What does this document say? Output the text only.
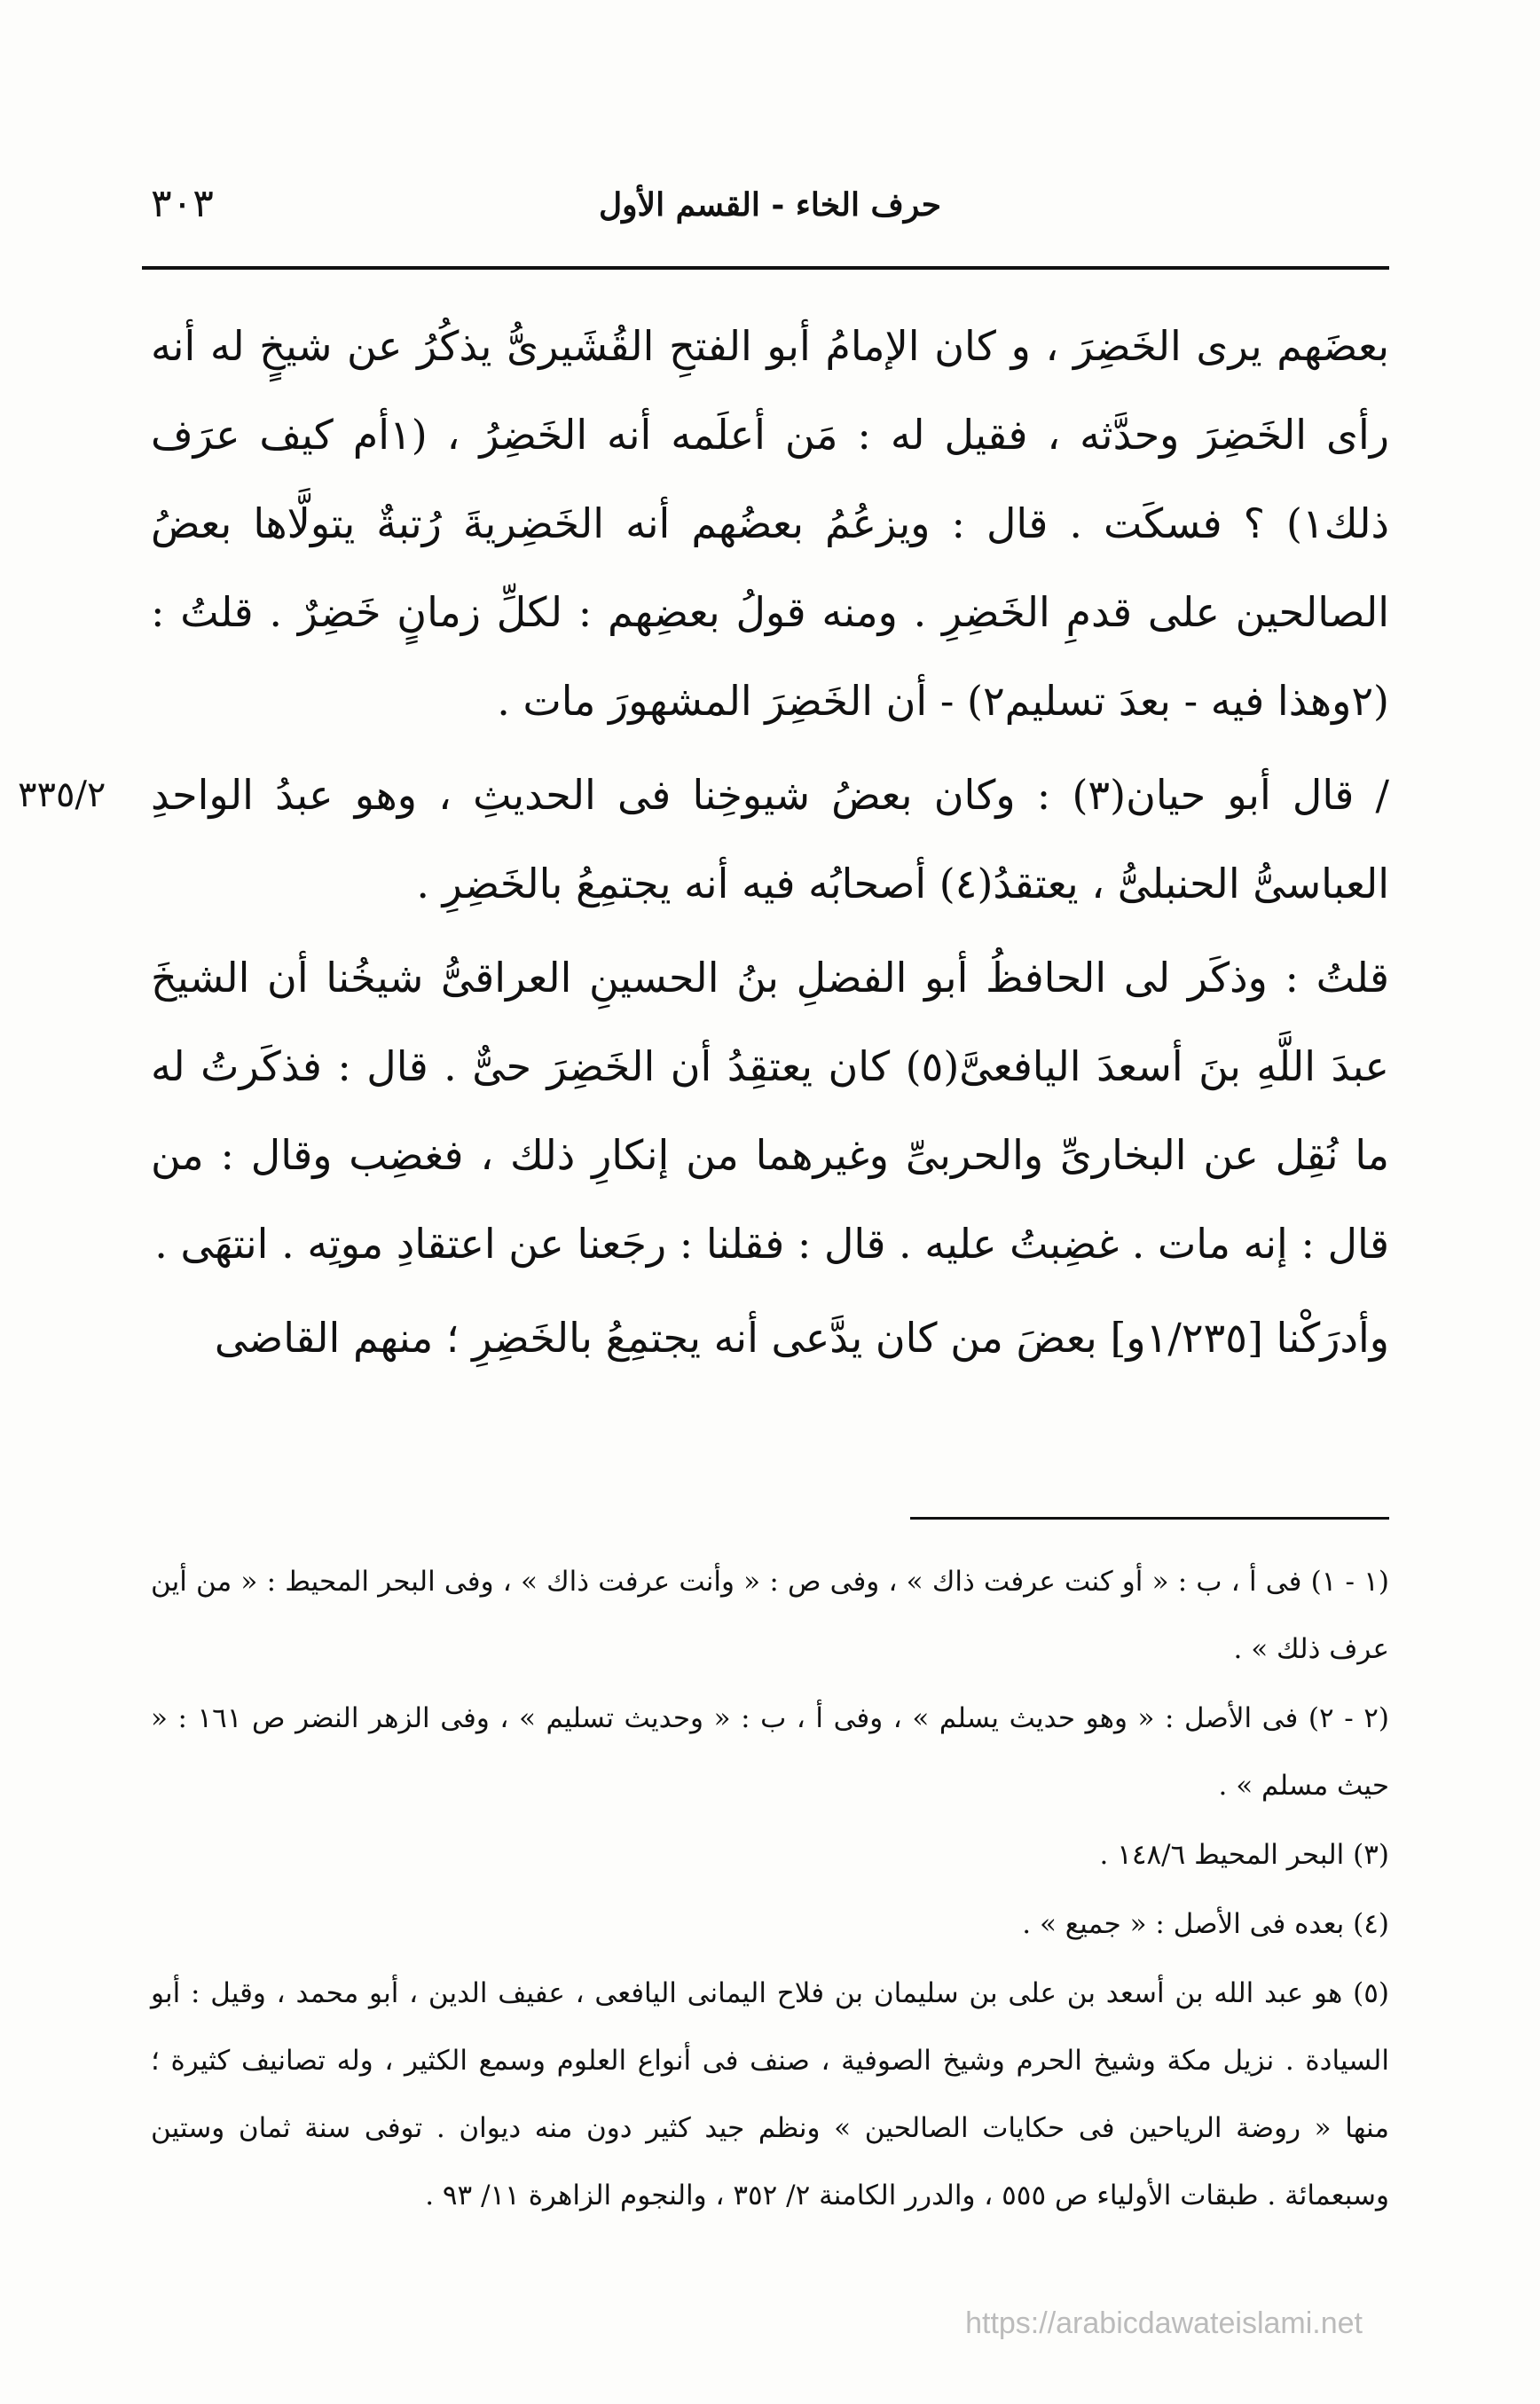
حرف الخاء - القسم الأول
٣٠٣

بعضَهم يرى الخَضِرَ ، و كان الإمامُ أبو الفتحِ القُشَيرىُّ يذكُرُ عن شيخٍ له أنه رأى الخَضِرَ وحدَّثه ، فقيل له : مَن أعلَمه أنه الخَضِرُ ، (١أم كيف عرَف ذلك١) ؟ فسكَت . قال : ويزعُمُ بعضُهم أنه الخَضِريةَ رُتبةٌ يتولَّاها بعضُ الصالحين على قدمِ الخَضِرِ . ومنه قولُ بعضِهم : لكلِّ زمانٍ خَضِرٌ . قلتُ : (٢وهذا فيه - بعدَ تسليم٢) - أن الخَضِرَ المشهورَ مات .

٣٣٥/٢ / قال أبو حيان(٣) : وكان بعضُ شيوخِنا فى الحديثِ ، وهو عبدُ الواحدِ العباسىُّ الحنبلىُّ ، يعتقدُ(٤) أصحابُه فيه أنه يجتمِعُ بالخَضِرِ .

قلتُ : وذكَر لى الحافظُ أبو الفضلِ بنُ الحسينِ العراقىُّ شيخُنا أن الشيخَ عبدَ اللَّهِ بنَ أسعدَ اليافعىَّ(٥) كان يعتقِدُ أن الخَضِرَ حىٌّ . قال : فذكَرتُ له ما نُقِل عن البخارىِّ والحربىِّ وغيرهما من إنكارِ ذلك ، فغضِب وقال : من قال : إنه مات . غضِبتُ عليه . قال : فقلنا : رجَعنا عن اعتقادِ موتِه . انتهَى .

وأدرَكْنا [١/٢٣٥و] بعضَ من كان يدَّعى أنه يجتمِعُ بالخَضِرِ ؛ منهم القاضى

(١ - ١) فى أ ، ب : « أو كنت عرفت ذاك » ، وفى ص : « وأنت عرفت ذاك » ، وفى البحر المحيط : « من أين عرف ذلك » .

(٢ - ٢) فى الأصل : « وهو حديث يسلم » ، وفى أ ، ب : « وحديث تسليم » ، وفى الزهر النضر ص ١٦١ : « حيث مسلم » .

(٣) البحر المحيط ١٤٨/٦ .

(٤) بعده فى الأصل : « جميع » .

(٥) هو عبد الله بن أسعد بن على بن سليمان بن فلاح اليمانى اليافعى ، عفيف الدين ، أبو محمد ، وقيل : أبو السيادة . نزيل مكة وشيخ الحرم وشيخ الصوفية ، صنف فى أنواع العلوم وسمع الكثير ، وله تصانيف كثيرة ؛ منها « روضة الرياحين فى حكايات الصالحين » ونظم جيد كثير دون منه ديوان . توفى سنة ثمان وستين وسبعمائة . طبقات الأولياء ص ٥٥٥ ، والدرر الكامنة ٢/ ٣٥٢ ، والنجوم الزاهرة ١١/ ٩٣ .

https://arabicdawateislami.net
